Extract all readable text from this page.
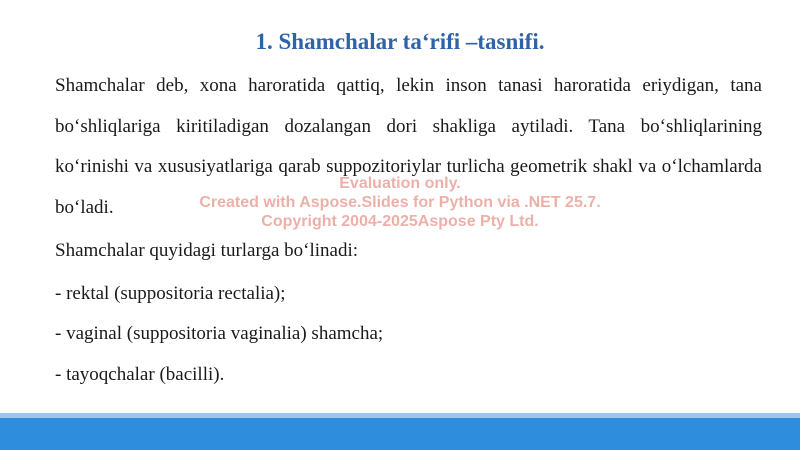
1. Shamchalar ta‘rifi –tasnifi.
Shamchalar deb, xona haroratida qattiq, lekin inson tanasi haroratida eriydigan, tana bo‘shliqlariga kiritiladigan dozalangan dori shakliga aytiladi. Tana bo‘shliqlarining ko‘rinishi va xususiyatlariga qarab suppozitoriylar turlicha geometrik shakl va o‘lchamlarda bo‘ladi.
Shamchalar quyidagi turlarga bo‘linadi:
- rektal (suppositoria rectalia);
- vaginal (suppositoria vaginalia) shamcha;
- tayoqchalar (bacilli).
Evaluation only.
Created with Aspose.Slides for Python via .NET 25.7.
Copyright 2004-2025Aspose Pty Ltd.
